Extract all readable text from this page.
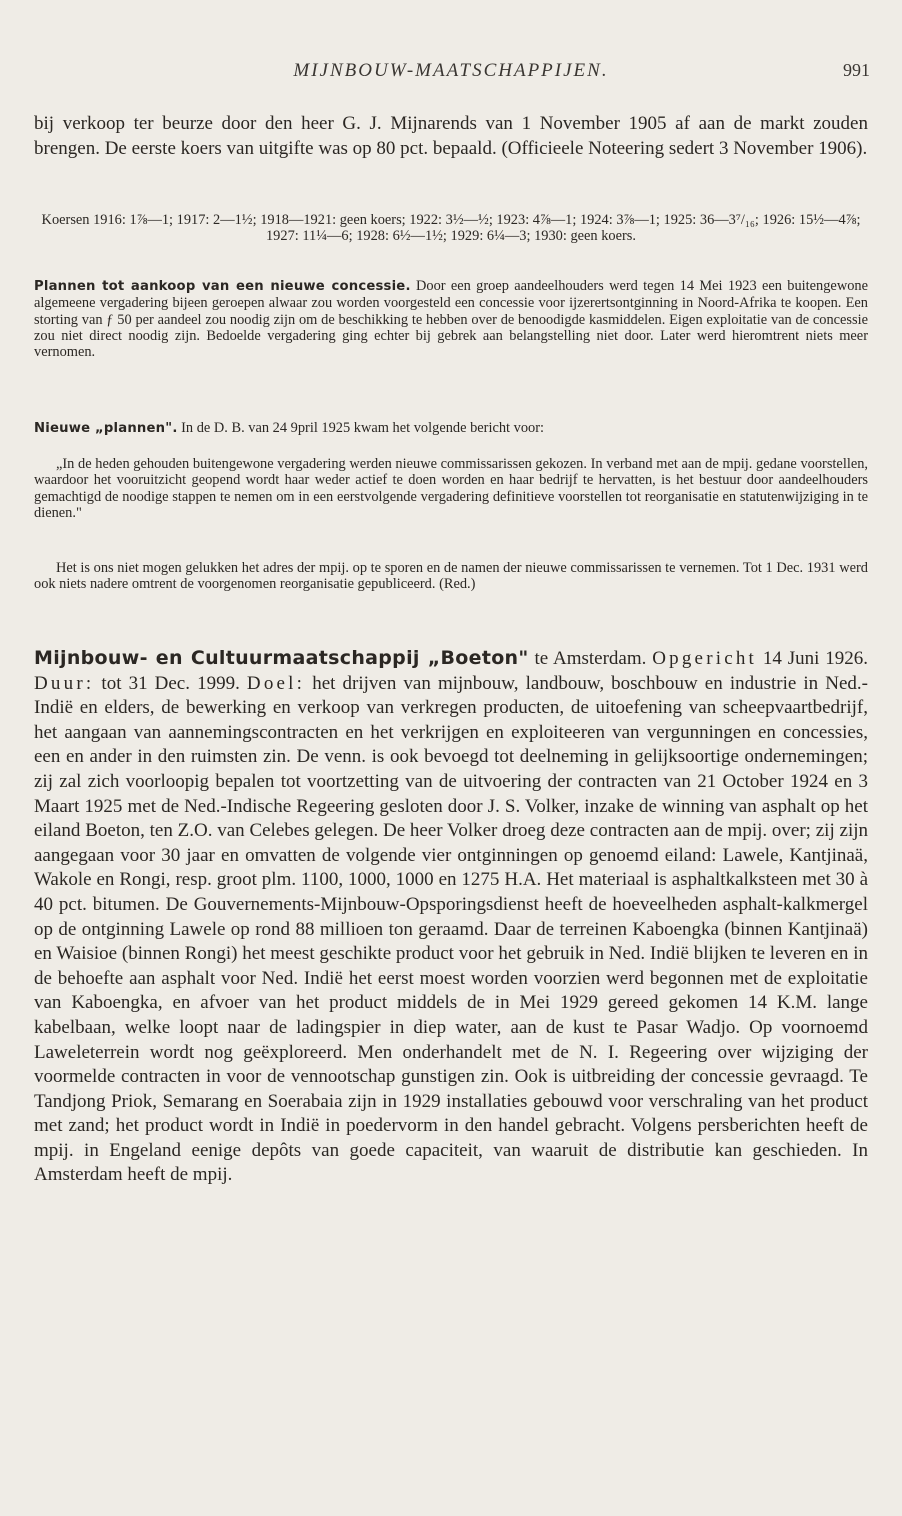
MIJNBOUW-MAATSCHAPPIJEN.	991
bij verkoop ter beurze door den heer G. J. Mijnarends van 1 November 1905 af aan de markt zouden brengen. De eerste koers van uitgifte was op 80 pct. bepaald. (Officieele Noteering sedert 3 November 1906).
Koersen 1916: 1⅞—1; 1917: 2—1½; 1918—1921: geen koers; 1922: 3½—½; 1923: 4⅞—1; 1924: 3⅞—1; 1925: 36—3⁷/₁₆; 1926: 15½—4⅞; 1927: 11¼—6; 1928: 6½—1½; 1929: 6¼—3; 1930: geen koers.
Plannen tot aankoop van een nieuwe concessie. Door een groep aandeelhouders werd tegen 14 Mei 1923 een buitengewone algemeene vergadering bijeen geroepen alwaar zou worden voorgesteld een concessie voor ijzerertsontginning in Noord-Afrika te koopen. Een storting van ƒ 50 per aandeel zou noodig zijn om de beschikking te hebben over de benoodigde kasmiddelen. Eigen exploitatie van de concessie zou niet direct noodig zijn. Bedoelde vergadering ging echter bij gebrek aan belangstelling niet door. Later werd hieromtrent niets meer vernomen.
Nieuwe „plannen". In de D. B. van 24 9pril 1925 kwam het volgende bericht voor:
„In de heden gehouden buitengewone vergadering werden nieuwe commissarissen gekozen. In verband met aan de mpij. gedane voorstellen, waardoor het vooruitzicht geopend wordt haar weder actief te doen worden en haar bedrijf te hervatten, is het bestuur door aandeelhouders gemachtigd de noodige stappen te nemen om in een eerstvolgende vergadering definitieve voorstellen tot reorganisatie en statutenwijziging in te dienen."
Het is ons niet mogen gelukken het adres der mpij. op te sporen en de namen der nieuwe commissarissen te vernemen. Tot 1 Dec. 1931 werd ook niets nadere omtrent de voorgenomen reorganisatie gepubliceerd. (Red.)
Mijnbouw- en Cultuurmaatschappij „Boeton" te Amsterdam. Opgericht 14 Juni 1926. Duur: tot 31 Dec. 1999. Doel: het drijven van mijnbouw, landbouw, boschbouw en industrie in Ned.-Indië en elders, de bewerking en verkoop van verkregen producten, de uitoefening van scheepvaartbedrijf, het aangaan van aannemingscontracten en het verkrijgen en exploiteeren van vergunningen en concessies, een en ander in den ruimsten zin. De venn. is ook bevoegd tot deelneming in gelijksoortige ondernemingen; zij zal zich voorloopig bepalen tot voortzetting van de uitvoering der contracten van 21 October 1924 en 3 Maart 1925 met de Ned.-Indische Regeering gesloten door J. S. Volker, inzake de winning van asphalt op het eiland Boeton, ten Z.O. van Celebes gelegen. De heer Volker droeg deze contracten aan de mpij. over; zij zijn aangegaan voor 30 jaar en omvatten de volgende vier ontginningen op genoemd eiland: Lawele, Kantjinaä, Wakole en Rongi, resp. groot plm. 1100, 1000, 1000 en 1275 H.A. Het materiaal is asphaltkalksteen met 30 à 40 pct. bitumen. De Gouvernements-Mijnbouw-Opsporingsdienst heeft de hoeveelheden asphalt-kalkmergel op de ontginning Lawele op rond 88 millioen ton geraamd. Daar de terreinen Kaboengka (binnen Kantjinaä) en Waisioe (binnen Rongi) het meest geschikte product voor het gebruik in Ned. Indië blijken te leveren en in de behoefte aan asphalt voor Ned. Indië het eerst moest worden voorzien werd begonnen met de exploitatie van Kaboengka, en afvoer van het product middels de in Mei 1929 gereed gekomen 14 K.M. lange kabelbaan, welke loopt naar de ladingspier in diep water, aan de kust te Pasar Wadjo. Op voornoemd Laweleterrein wordt nog geëxploreerd. Men onderhandelt met de N. I. Regeering over wijziging der voormelde contracten in voor de vennootschap gunstigen zin. Ook is uitbreiding der concessie gevraagd. Te Tandjong Priok, Semarang en Soerabaia zijn in 1929 installaties gebouwd voor verschraling van het product met zand; het product wordt in Indië in poedervorm in den handel gebracht. Volgens persberichten heeft de mpij. in Engeland eenige depôts van goede capaciteit, van waaruit de distributie kan geschieden. In Amsterdam heeft de mpij.
